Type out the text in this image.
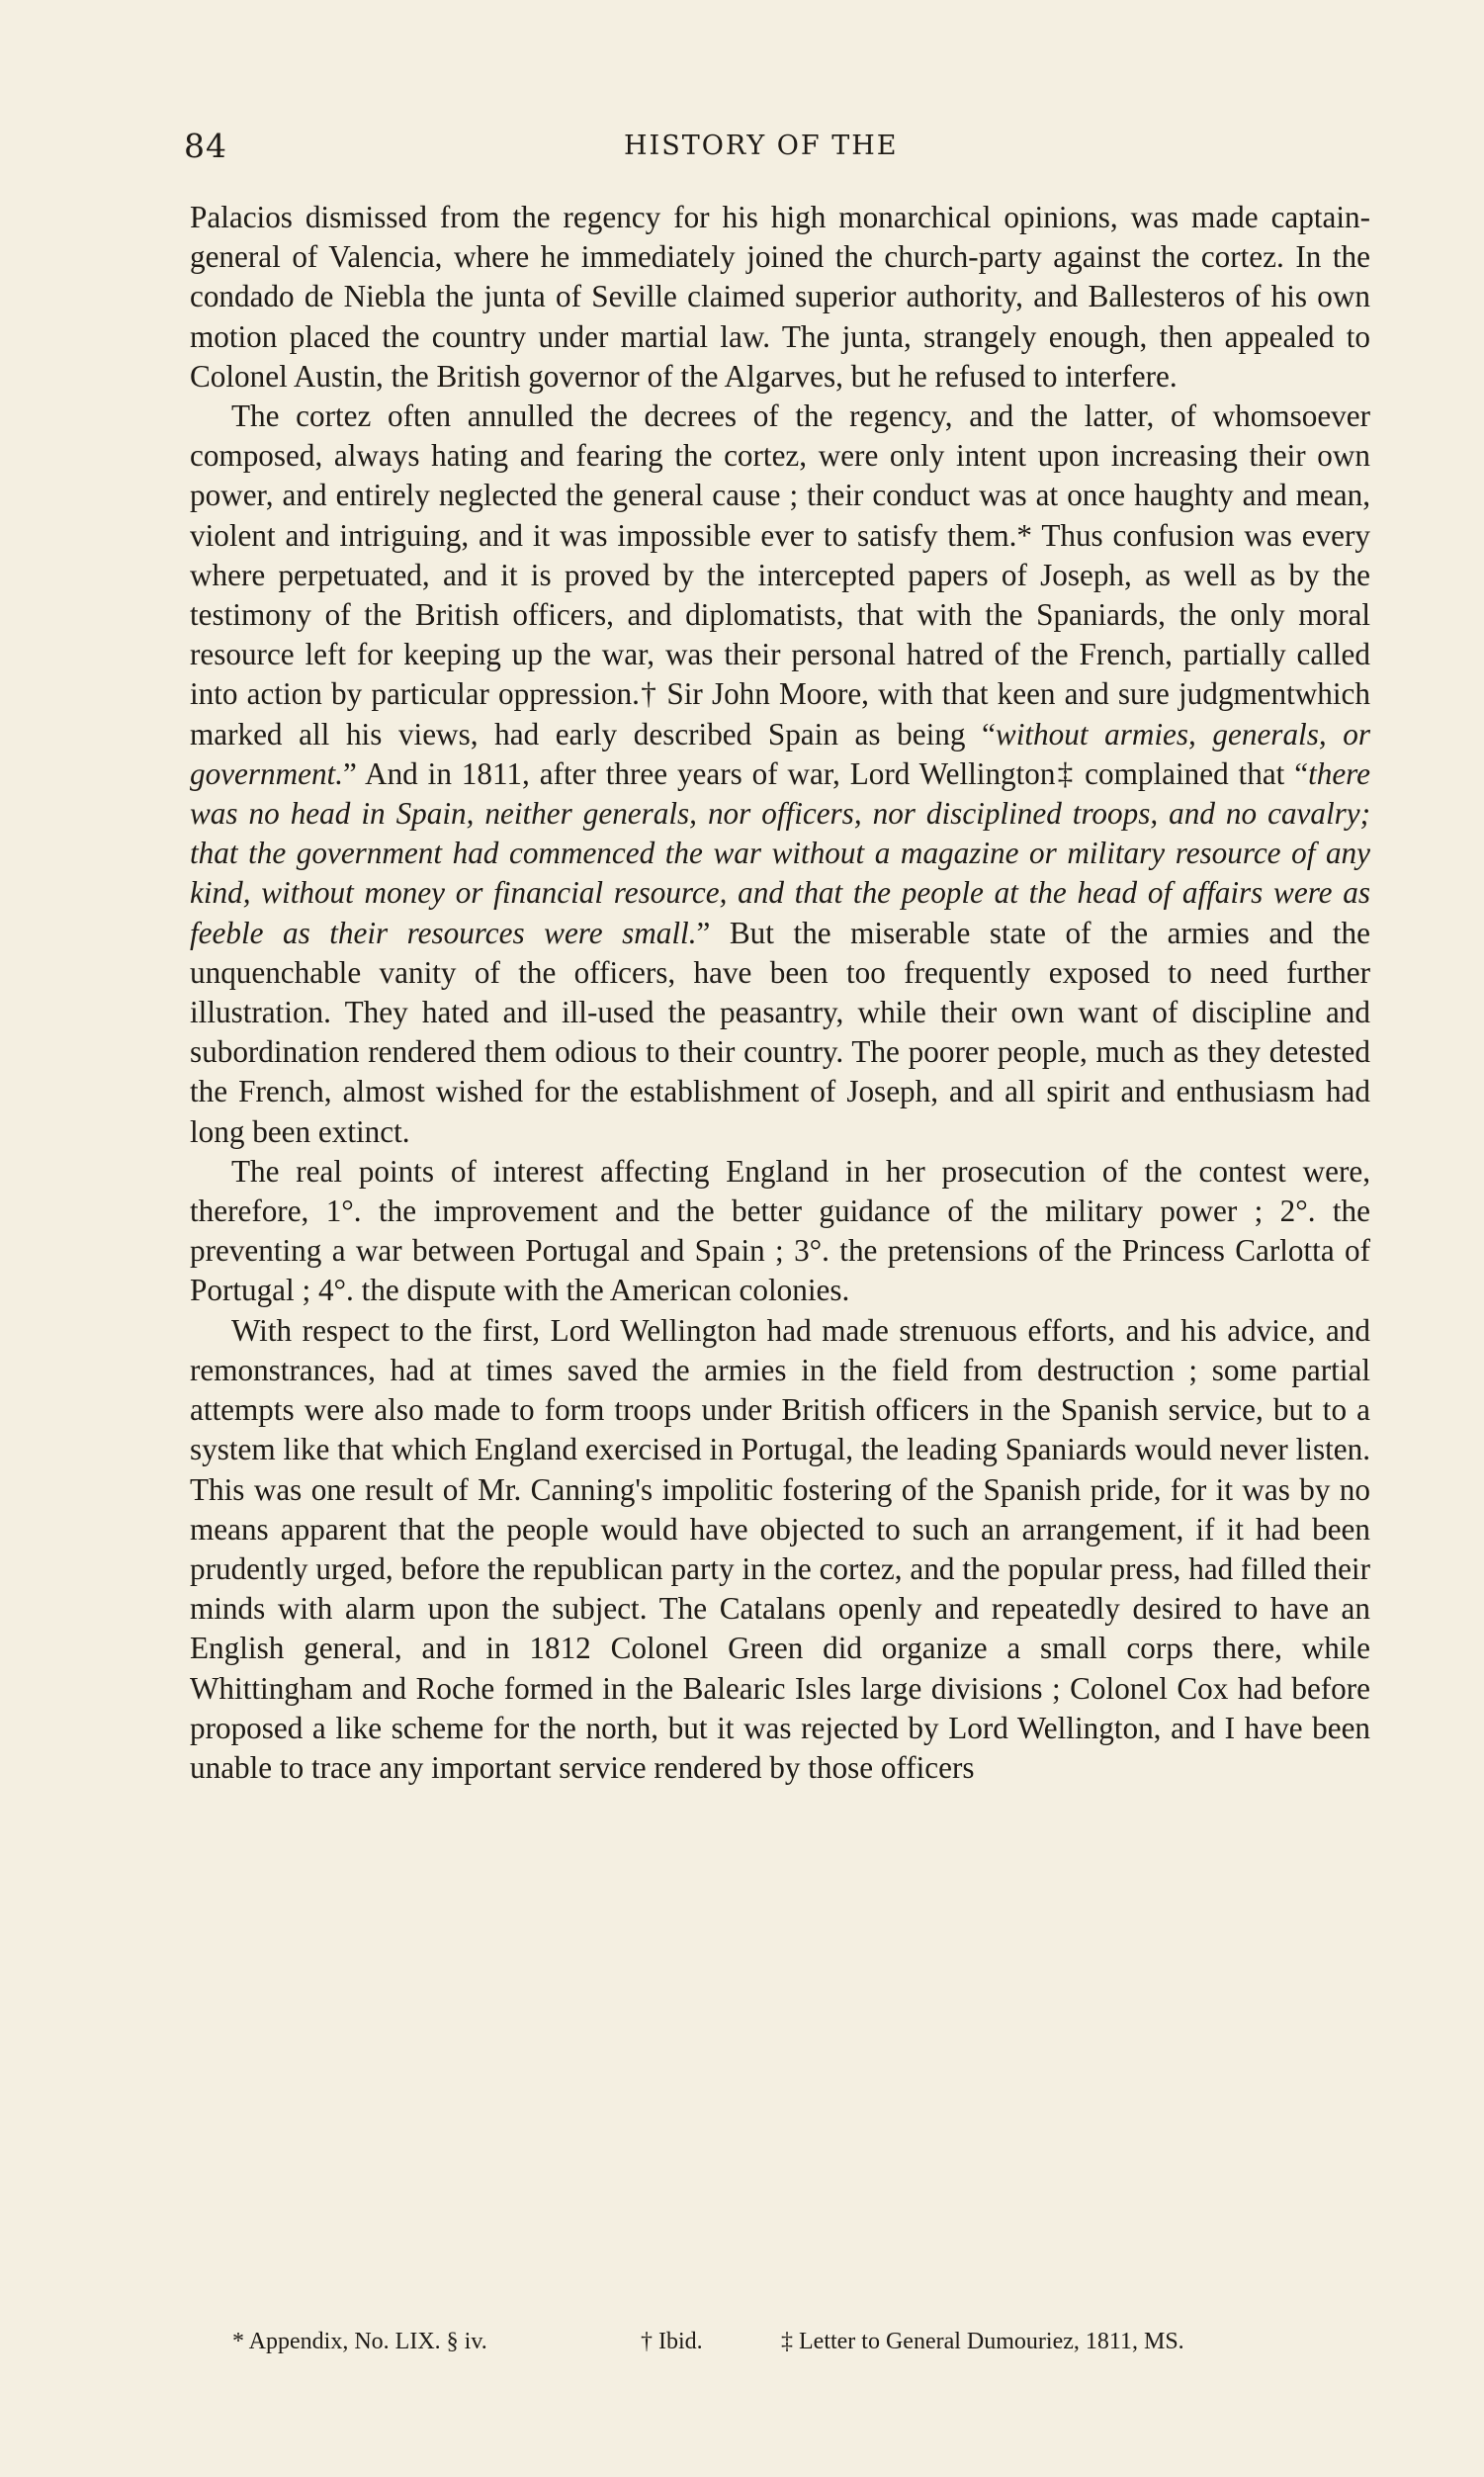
84	HISTORY OF THE

Palacios dismissed from the regency for his high monarchical opinions, was made captain-general of Valencia, where he immediately joined the church-party against the cortez. In the condado de Niebla the junta of Seville claimed superior authority, and Ballesteros of his own motion placed the country under martial law. The junta, strangely enough, then appealed to Colonel Austin, the British governor of the Algarves, but he refused to interfere.

The cortez often annulled the decrees of the regency, and the latter, of whomsoever composed, always hating and fearing the cortez, were only intent upon increasing their own power, and entirely neglected the general cause ; their conduct was at once haughty and mean, violent and intriguing, and it was impossible ever to satisfy them.* Thus confusion was every where perpetuated, and it is proved by the intercepted papers of Joseph, as well as by the testimony of the British officers, and diplomatists, that with the Spaniards, the only moral resource left for keeping up the war, was their personal hatred of the French, partially called into action by particular oppression.† Sir John Moore, with that keen and sure judgmentwhich marked all his views, had early described Spain as being “without armies, generals, or government.” And in 1811, after three years of war, Lord Wellington‡ complained that “there was no head in Spain, neither generals, nor officers, nor disciplined troops, and no cavalry; that the government had commenced the war without a magazine or military resource of any kind, without money or financial resource, and that the people at the head of affairs were as feeble as their resources were small.” But the miserable state of the armies and the unquenchable vanity of the officers, have been too frequently exposed to need further illustration. They hated and ill-used the peasantry, while their own want of discipline and subordination rendered them odious to their country. The poorer people, much as they detested the French, almost wished for the establishment of Joseph, and all spirit and enthusiasm had long been extinct.

The real points of interest affecting England in her prosecution of the contest were, therefore, 1°. the improvement and the better guidance of the military power ; 2°. the preventing a war between Portugal and Spain ; 3°. the pretensions of the Princess Carlotta of Portugal ; 4°. the dispute with the American colonies.

With respect to the first, Lord Wellington had made strenuous efforts, and his advice, and remonstrances, had at times saved the armies in the field from destruction ; some partial attempts were also made to form troops under British officers in the Spanish service, but to a system like that which England exercised in Portugal, the leading Spaniards would never listen. This was one result of Mr. Canning's impolitic fostering of the Spanish pride, for it was by no means apparent that the people would have objected to such an arrangement, if it had been prudently urged, before the republican party in the cortez, and the popular press, had filled their minds with alarm upon the subject. The Catalans openly and repeatedly desired to have an English general, and in 1812 Colonel Green did organize a small corps there, while Whittingham and Roche formed in the Balearic Isles large divisions ; Colonel Cox had before proposed a like scheme for the north, but it was rejected by Lord Wellington, and I have been unable to trace any important service rendered by those officers

* Appendix, No. LIX. § iv.	† Ibid.	‡ Letter to General Dumouriez, 1811, MS.
